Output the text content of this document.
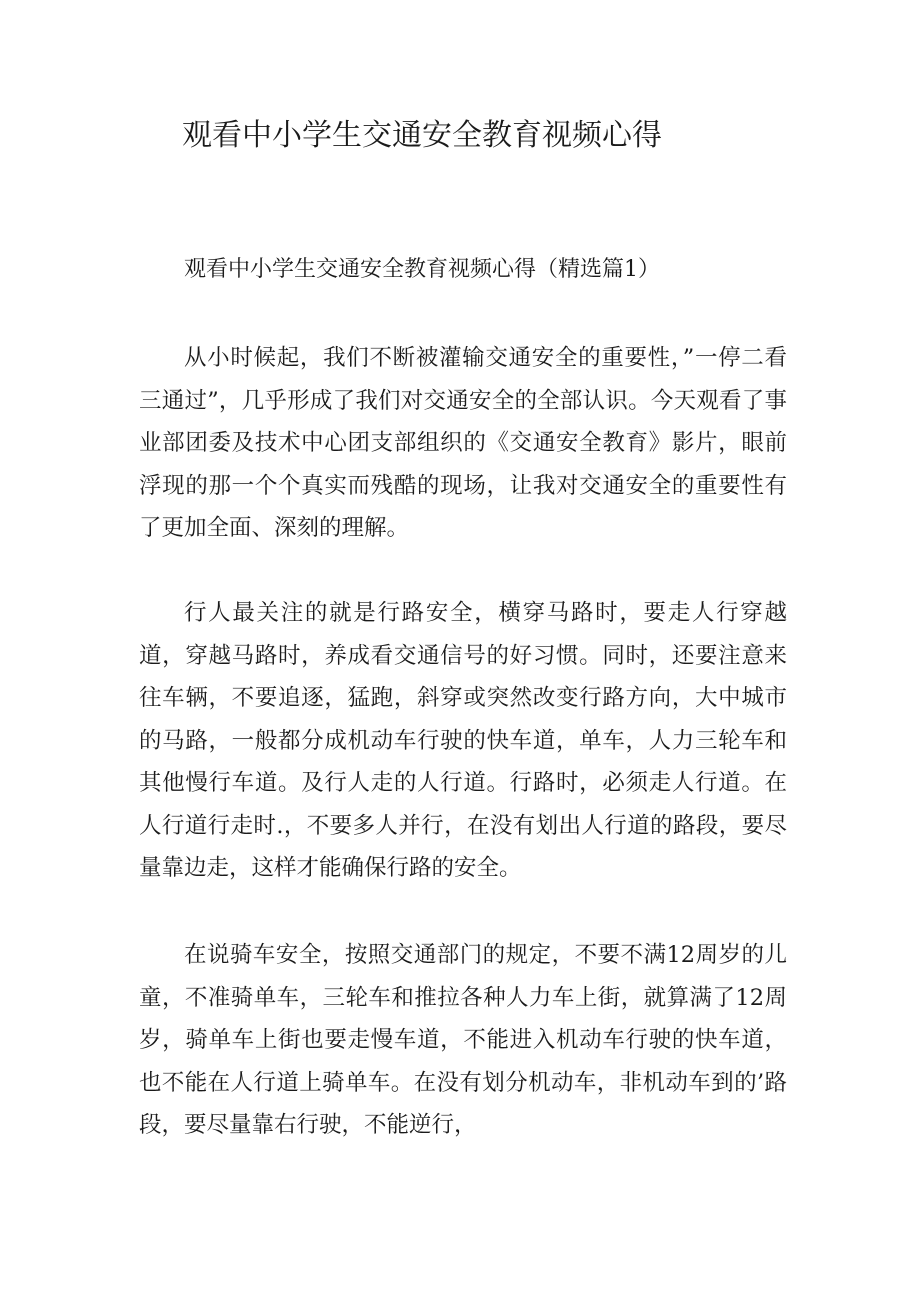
观看中小学生交通安全教育视频心得

观看中小学生交通安全教育视频心得（精选篇1）

从小时候起，我们不断被灌输交通安全的重要性，”一停二看三通过”，几乎形成了我们对交通安全的全部认识。今天观看了事业部团委及技术中心团支部组织的《交通安全教育》影片，眼前浮现的那一个个真实而残酷的现场，让我对交通安全的重要性有了更加全面、深刻的理解。

行人最关注的就是行路安全，横穿马路时，要走人行穿越道，穿越马路时，养成看交通信号的好习惯。同时，还要注意来往车辆，不要追逐，猛跑，斜穿或突然改变行路方向，大中城市的马路，一般都分成机动车行驶的快车道，单车，人力三轮车和其他慢行车道。及行人走的人行道。行路时，必须走人行道。在人行道行走时.，不要多人并行，在没有划出人行道的路段，要尽量靠边走，这样才能确保行路的安全。

在说骑车安全，按照交通部门的规定，不要不满12周岁的儿童，不准骑单车，三轮车和推拉各种人力车上街，就算满了12周岁，骑单车上街也要走慢车道，不能进入机动车行驶的快车道，也不能在人行道上骑单车。在没有划分机动车，非机动车到的’路段，要尽量靠右行驶，不能逆行，
